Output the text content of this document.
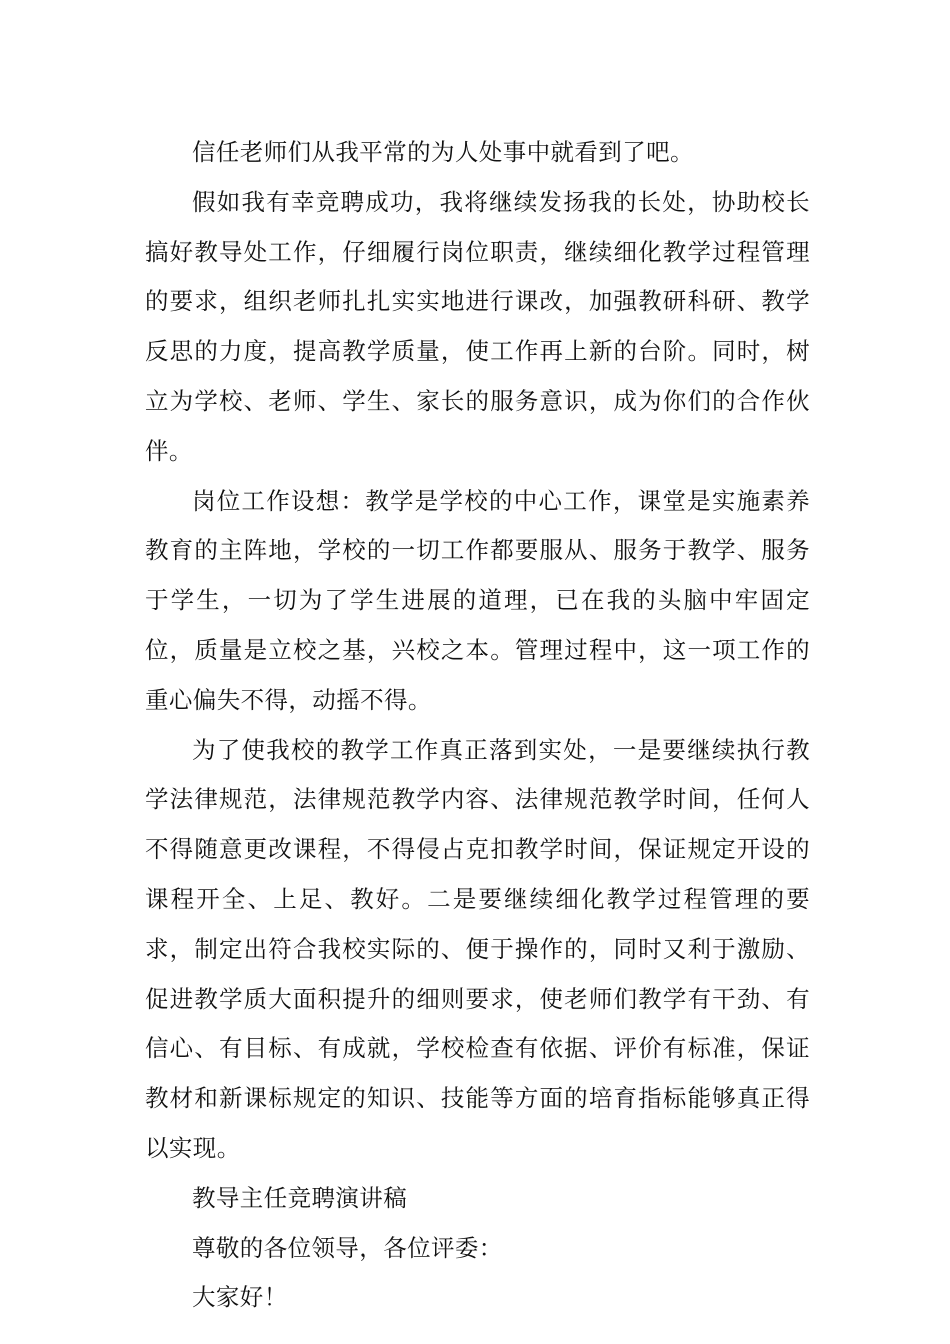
信任老师们从我平常的为人处事中就看到了吧。

假如我有幸竞聘成功，我将继续发扬我的长处，协助校长搞好教导处工作，仔细履行岗位职责，继续细化教学过程管理的要求，组织老师扎扎实实地进行课改，加强教研科研、教学反思的力度，提高教学质量，使工作再上新的台阶。同时，树立为学校、老师、学生、家长的服务意识，成为你们的合作伙伴。

岗位工作设想：教学是学校的中心工作，课堂是实施素养教育的主阵地，学校的一切工作都要服从、服务于教学、服务于学生，一切为了学生进展的道理，已在我的头脑中牢固定位，质量是立校之基，兴校之本。管理过程中，这一项工作的重心偏失不得，动摇不得。

为了使我校的教学工作真正落到实处，一是要继续执行教学法律规范，法律规范教学内容、法律规范教学时间，任何人不得随意更改课程，不得侵占克扣教学时间，保证规定开设的课程开全、上足、教好。二是要继续细化教学过程管理的要求，制定出符合我校实际的、便于操作的，同时又利于激励、促进教学质大面积提升的细则要求，使老师们教学有干劲、有信心、有目标、有成就，学校检查有依据、评价有标准，保证教材和新课标规定的知识、技能等方面的培育指标能够真正得以实现。

教导主任竞聘演讲稿

尊敬的各位领导，各位评委：

大家好！
